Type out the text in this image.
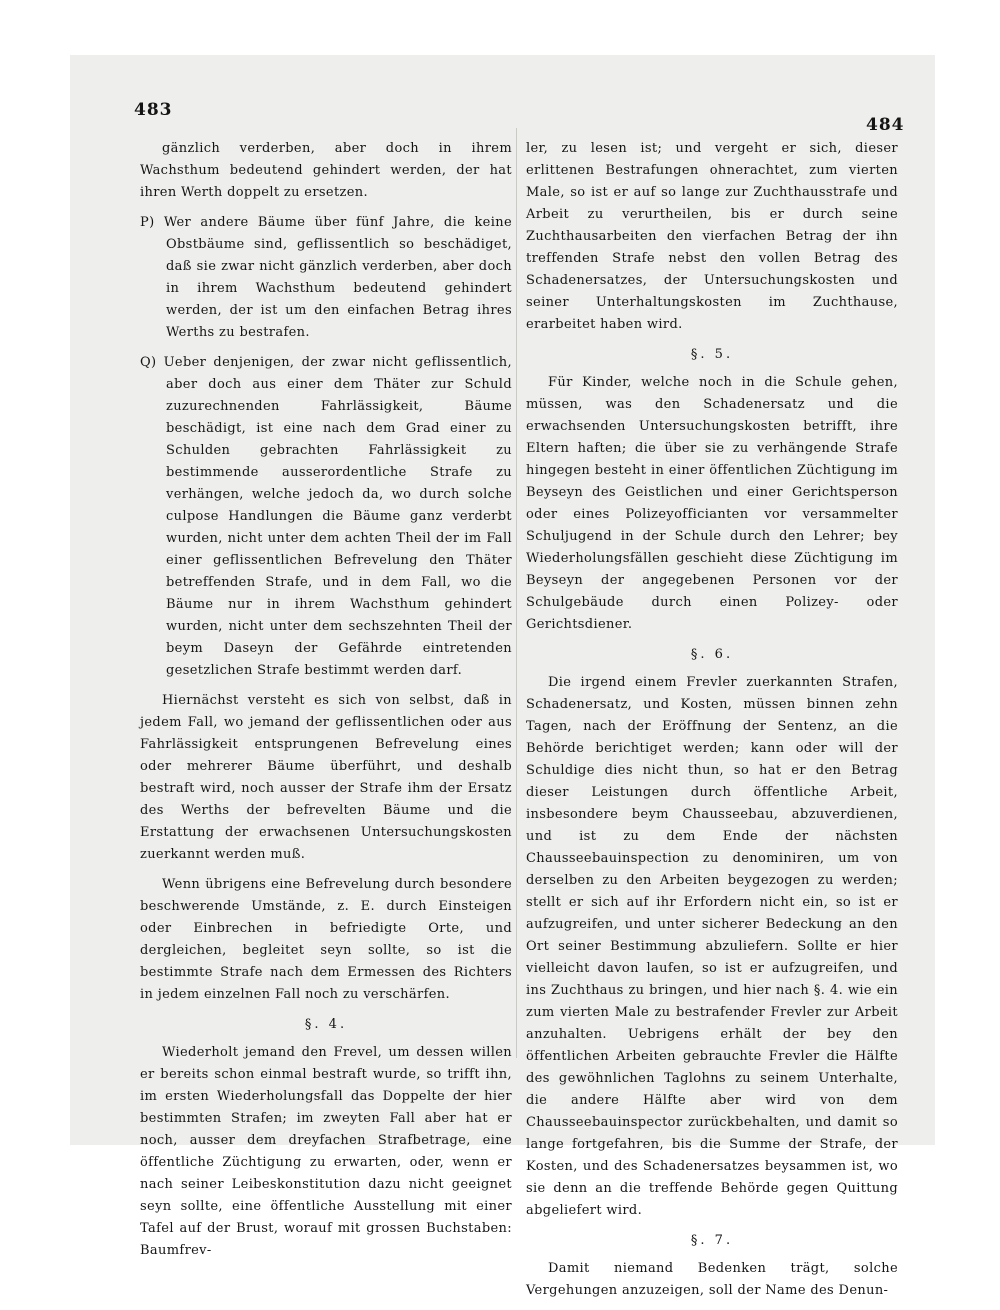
483
484

gänzlich verderben, aber doch in ihrem Wachsthum bedeutend gehindert werden, der hat ihren Werth doppelt zu ersetzen.

P) Wer andere Bäume über fünf Jahre, die keine Obstbäume sind, geflissentlich so beschädiget, daß sie zwar nicht gänzlich verderben, aber doch in ihrem Wachsthum bedeutend gehindert werden, der ist um den einfachen Betrag ihres Werths zu bestrafen.

Q) Ueber denjenigen, der zwar nicht geflissentlich, aber doch aus einer dem Thäter zur Schuld zuzurechnenden Fahrlässigkeit, Bäume beschädigt, ist eine nach dem Grad einer zu Schulden gebrachten Fahrlässigkeit zu bestimmende ausserordentliche Strafe zu verhängen, welche jedoch da, wo durch solche culpose Handlungen die Bäume ganz verderbt wurden, nicht unter dem achten Theil der im Fall einer geflissentlichen Befrevelung den Thäter betreffenden Strafe, und in dem Fall, wo die Bäume nur in ihrem Wachsthum gehindert wurden, nicht unter dem sechszehnten Theil der beym Daseyn der Gefährde eintretenden gesetzlichen Strafe bestimmt werden darf.

Hiernächst versteht es sich von selbst, daß in jedem Fall, wo jemand der geflissentlichen oder aus Fahrlässigkeit entsprungenen Befrevelung eines oder mehrerer Bäume überführt, und deshalb bestraft wird, noch ausser der Strafe ihm der Ersatz des Werths der befrevelten Bäume und die Erstattung der erwachsenen Untersuchungskosten zuerkannt werden muß.

Wenn übrigens eine Befrevelung durch besondere beschwerende Umstände, z. E. durch Einsteigen oder Einbrechen in befriedigte Orte, und dergleichen, begleitet seyn sollte, so ist die bestimmte Strafe nach dem Ermessen des Richters in jedem einzelnen Fall noch zu verschärfen.

§. 4.

Wiederholt jemand den Frevel, um dessen willen er bereits schon einmal bestraft wurde, so trifft ihn, im ersten Wiederholungsfall das Doppelte der hier bestimmten Strafen; im zweyten Fall aber hat er noch, ausser dem dreyfachen Strafbetrage, eine öffentliche Züchtigung zu erwarten, oder, wenn er nach seiner Leibeskonstitution dazu nicht geeignet seyn sollte, eine öffentliche Ausstellung mit einer Tafel auf der Brust, worauf mit grossen Buchstaben: Baumfrev-

ler, zu lesen ist; und vergeht er sich, dieser erlittenen Bestrafungen ohnerachtet, zum vierten Male, so ist er auf so lange zur Zuchthausstrafe und Arbeit zu verurtheilen, bis er durch seine Zuchthausarbeiten den vierfachen Betrag der ihn treffenden Strafe nebst den vollen Betrag des Schadenersatzes, der Untersuchungskosten und seiner Unterhaltungskosten im Zuchthause, erarbeitet haben wird.

§. 5.

Für Kinder, welche noch in die Schule gehen, müssen, was den Schadenersatz und die erwachsenden Untersuchungskosten betrifft, ihre Eltern haften; die über sie zu verhängende Strafe hingegen besteht in einer öffentlichen Züchtigung im Beyseyn des Geistlichen und einer Gerichtsperson oder eines Polizeyofficianten vor versammelter Schuljugend in der Schule durch den Lehrer; bey Wiederholungsfällen geschieht diese Züchtigung im Beyseyn der angegebenen Personen vor der Schulgebäude durch einen Polizey- oder Gerichtsdiener.

§. 6.

Die irgend einem Frevler zuerkannten Strafen, Schadenersatz, und Kosten, müssen binnen zehn Tagen, nach der Eröffnung der Sentenz, an die Behörde berichtiget werden; kann oder will der Schuldige dies nicht thun, so hat er den Betrag dieser Leistungen durch öffentliche Arbeit, insbesondere beym Chausseebau, abzuverdienen, und ist zu dem Ende der nächsten Chausseebauinspection zu denominiren, um von derselben zu den Arbeiten beygezogen zu werden; stellt er sich auf ihr Erfordern nicht ein, so ist er aufzugreifen, und unter sicherer Bedeckung an den Ort seiner Bestimmung abzuliefern. Sollte er hier vielleicht davon laufen, so ist er aufzugreifen, und ins Zuchthaus zu bringen, und hier nach §. 4. wie ein zum vierten Male zu bestrafender Frevler zur Arbeit anzuhalten. Uebrigens erhält der bey den öffentlichen Arbeiten gebrauchte Frevler die Hälfte des gewöhnlichen Taglohns zu seinem Unterhalte, die andere Hälfte aber wird von dem Chausseebauinspector zurückbehalten, und damit so lange fortgefahren, bis die Summe der Strafe, der Kosten, und des Schadenersatzes beysammen ist, wo sie denn an die treffende Behörde gegen Quittung abgeliefert wird.

§. 7.

Damit niemand Bedenken trägt, solche Vergehungen anzuzeigen, soll der Name des Denun-
